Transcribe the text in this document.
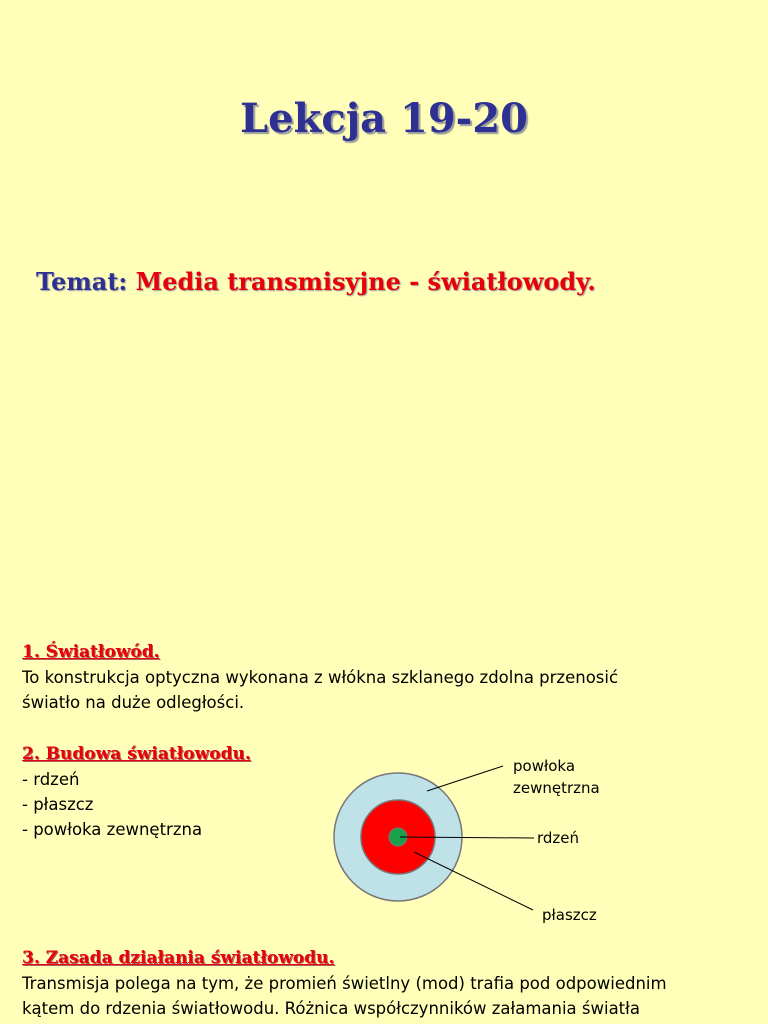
Lekcja 19-20
Temat: Media transmisyjne - światłowody.

1. Światłowód.

To konstrukcja optyczna wykonana z włókna szklanego zdolna przenosić

światło na duże odległości.

2. Budowa światłowodu.

- rdzeń

- płaszcz

- powłoka zewnętrzna

powłoka zewnętrzna
rdzeń
płaszcz

3. Zasada działania światłowodu.

Transmisja polega na tym, że promień świetlny (mod) trafia pod odpowiednim

kątem do rdzenia światłowodu. Różnica współczynników załamania światła
